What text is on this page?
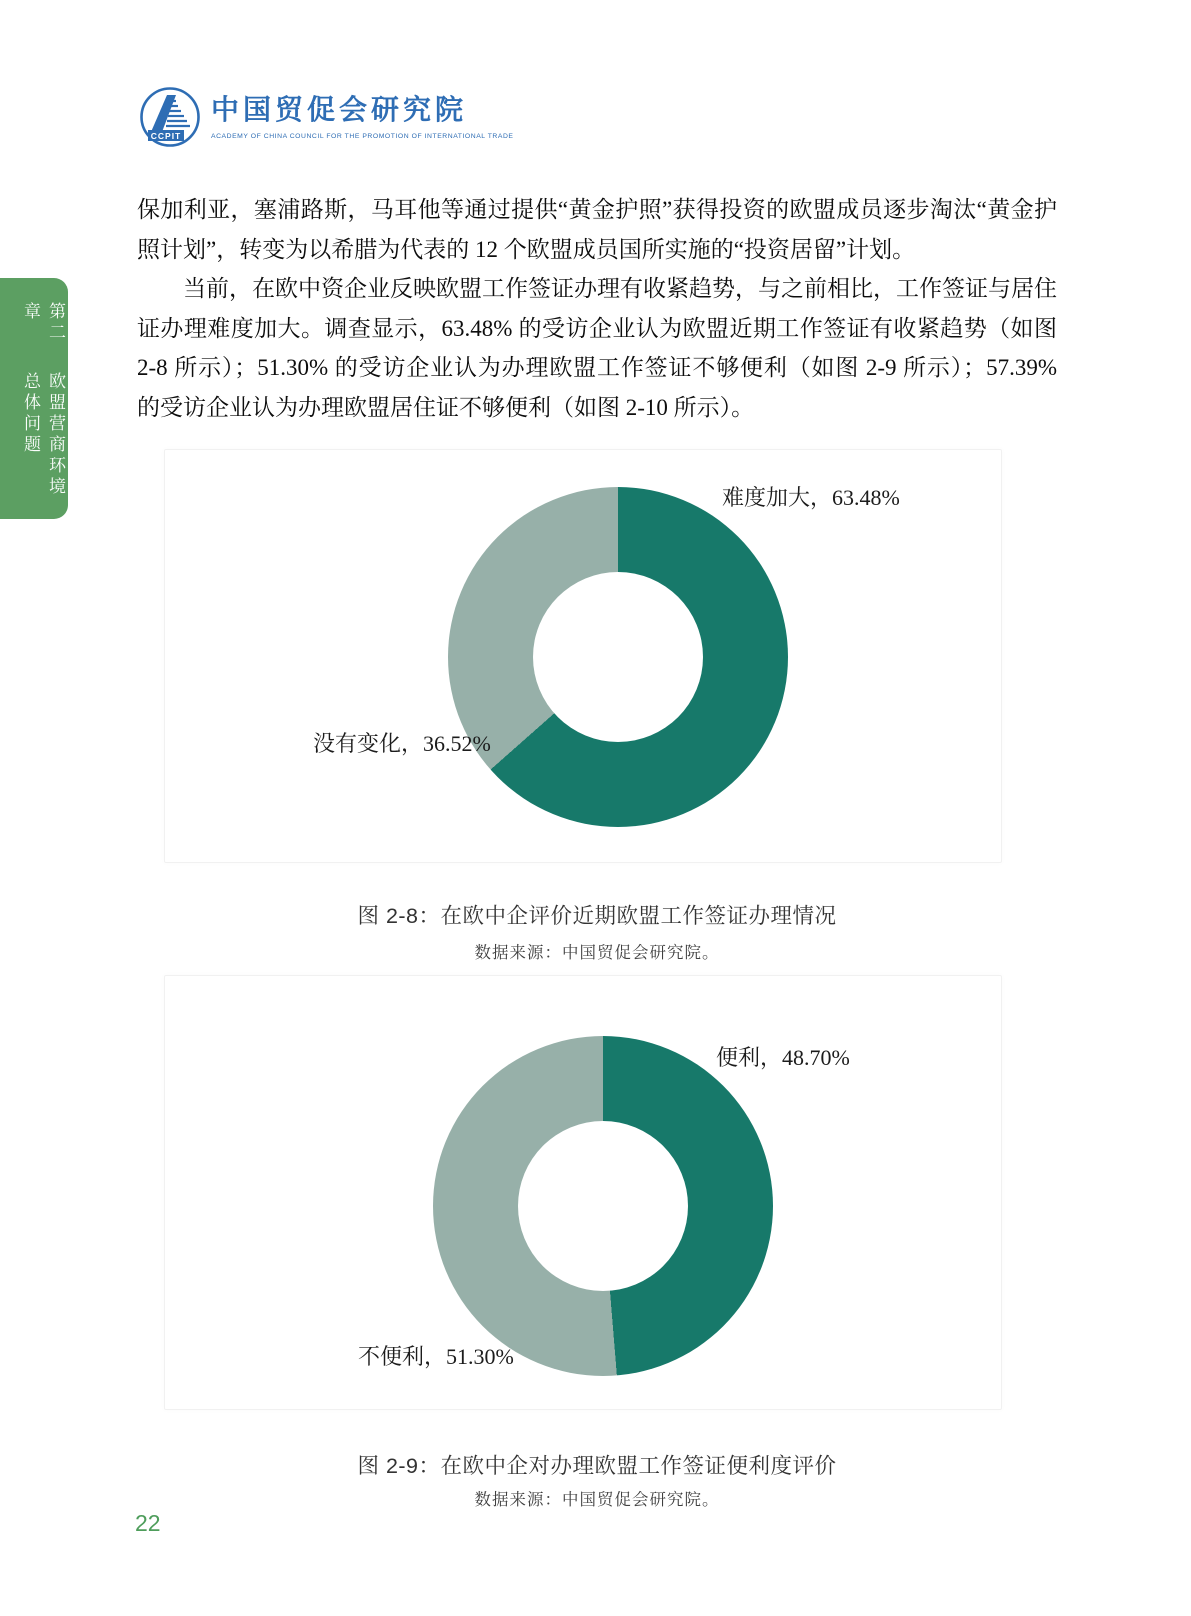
CCPIT
中国贸促会研究院
ACADEMY OF CHINA COUNCIL FOR THE PROMOTION OF INTERNATIONAL TRADE
第二章
欧盟营商环境总体问题

保加利亚，塞浦路斯，马耳他等通过提供“黄金护照”获得投资的欧盟成员逐步淘汰“黄金护照计划”，转变为以希腊为代表的 12 个欧盟成员国所实施的“投资居留”计划。

当前，在欧中资企业反映欧盟工作签证办理有收紧趋势，与之前相比，工作签证与居住证办理难度加大。调查显示，63.48% 的受访企业认为欧盟近期工作签证有收紧趋势（如图 2-8 所示）；51.30% 的受访企业认为办理欧盟工作签证不够便利（如图 2-9 所示）；57.39% 的受访企业认为办理欧盟居住证不够便利（如图 2-10 所示）。

难度加大，63.48%
没有变化，36.52%
图 2-8：在欧中企评价近期欧盟工作签证办理情况
数据来源：中国贸促会研究院。
便利，48.70%
不便利，51.30%
图 2-9：在欧中企对办理欧盟工作签证便利度评价
数据来源：中国贸促会研究院。
22
